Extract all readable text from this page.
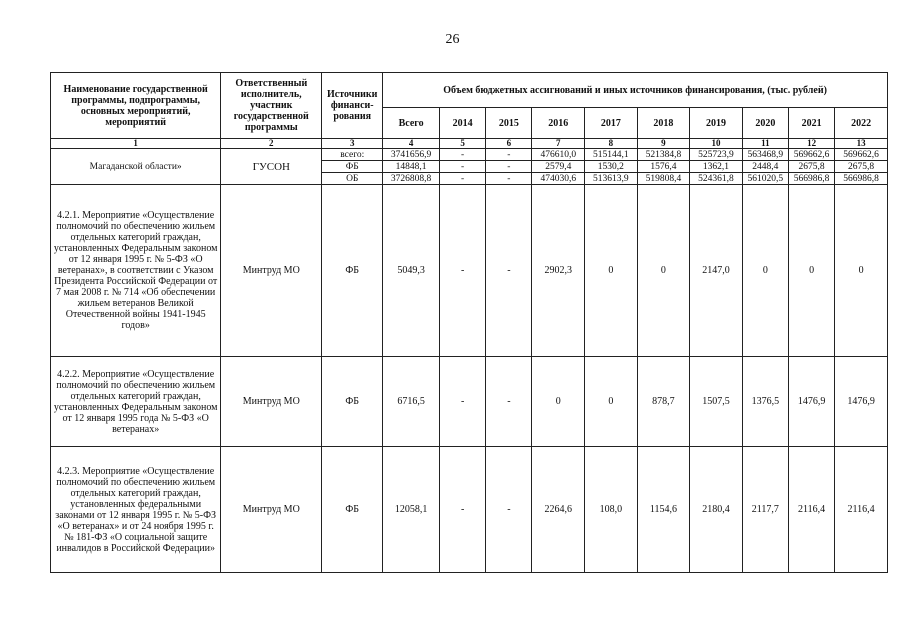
26
Наименование государственной программы, подпрограммы, основных мероприятий, мероприятий	Ответственный исполнитель, участник государственной программы	Источники финанси-рования	Объем бюджетных ассигнований и иных источников финансирования, (тыс. рублей)									
			Всего	2014	2015	2016	2017	2018	2019	2020	2021	2022
1	2	3	4	5	6	7	8	9	10	11	12	13
Магаданской области»	ГУСОН	всего:	3741656,9	-	-	476610,0	515144,1	521384,8	525723,9	563468,9	569662,6	569662,6
		ФБ	14848,1	-	-	2579,4	1530,2	1576,4	1362,1	2448,4	2675,8	2675,8
		ОБ	3726808,8	-	-	474030,6	513613,9	519808,4	524361,8	561020,5	566986,8	566986,8
4.2.1. Мероприятие «Осуществление полномочий по обеспечению жильем отдельных категорий граждан, установленных Федеральным законом от 12 января 1995 г. № 5-ФЗ «О ветеранах», в соответствии с Указом Президента Российской Федерации от 7 мая 2008 г. № 714 «Об обеспечении жильем ветеранов Великой Отечественной войны 1941-1945 годов»	Минтруд МО	ФБ	5049,3	-	-	2902,3	0	0	2147,0	0	0	0
4.2.2. Мероприятие «Осуществление полномочий по обеспечению жильем отдельных категорий граждан, установленных Федеральным законом от 12 января 1995 года № 5-ФЗ «О ветеранах»	Минтруд МО	ФБ	6716,5	-	-	0	0	878,7	1507,5	1376,5	1476,9	1476,9
4.2.3. Мероприятие «Осуществление полномочий по обеспечению жильем отдельных категорий граждан, установленных федеральными законами от 12 января 1995 г. № 5-ФЗ «О ветеранах» и от 24 ноября 1995 г. № 181-ФЗ «О социальной защите инвалидов в Российской Федерации»	Минтруд МО	ФБ	12058,1	-	-	2264,6	108,0	1154,6	2180,4	2117,7	2116,4	2116,4
